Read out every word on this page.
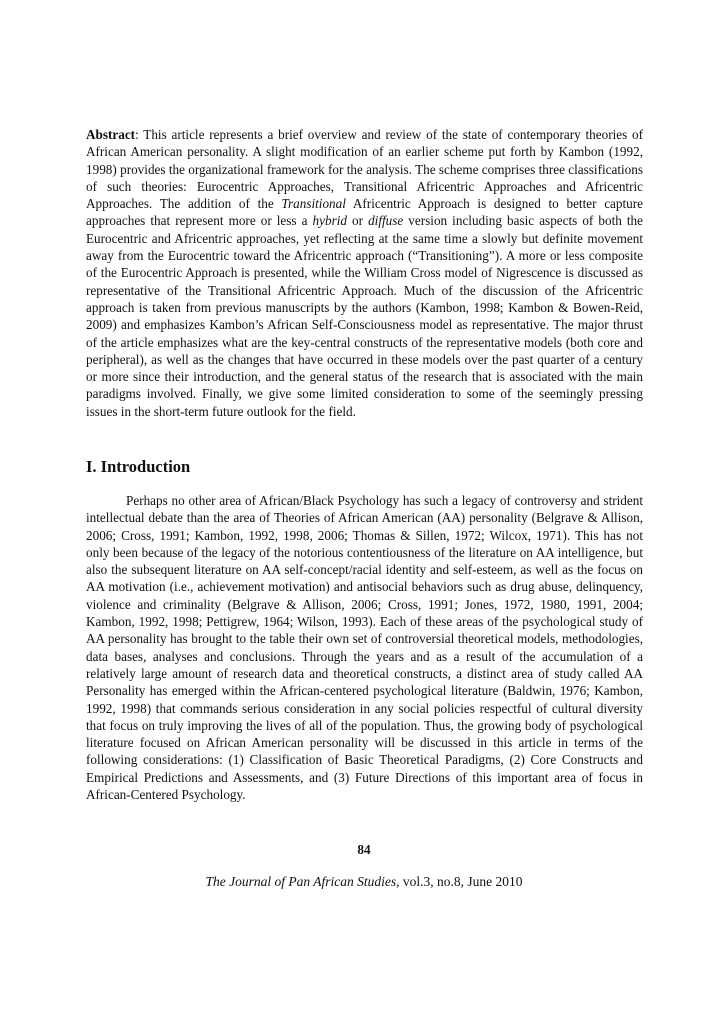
Abstract: This article represents a brief overview and review of the state of contemporary theories of African American personality. A slight modification of an earlier scheme put forth by Kambon (1992, 1998) provides the organizational framework for the analysis. The scheme comprises three classifications of such theories: Eurocentric Approaches, Transitional Africentric Approaches and Africentric Approaches. The addition of the Transitional Africentric Approach is designed to better capture approaches that represent more or less a hybrid or diffuse version including basic aspects of both the Eurocentric and Africentric approaches, yet reflecting at the same time a slowly but definite movement away from the Eurocentric toward the Africentric approach (“Transitioning”). A more or less composite of the Eurocentric Approach is presented, while the William Cross model of Nigrescence is discussed as representative of the Transitional Africentric Approach. Much of the discussion of the Africentric approach is taken from previous manuscripts by the authors (Kambon, 1998; Kambon & Bowen-Reid, 2009) and emphasizes Kambon’s African Self-Consciousness model as representative. The major thrust of the article emphasizes what are the key-central constructs of the representative models (both core and peripheral), as well as the changes that have occurred in these models over the past quarter of a century or more since their introduction, and the general status of the research that is associated with the main paradigms involved. Finally, we give some limited consideration to some of the seemingly pressing issues in the short-term future outlook for the field.

I. Introduction

Perhaps no other area of African/Black Psychology has such a legacy of controversy and strident intellectual debate than the area of Theories of African American (AA) personality (Belgrave & Allison, 2006; Cross, 1991; Kambon, 1992, 1998, 2006; Thomas & Sillen, 1972; Wilcox, 1971). This has not only been because of the legacy of the notorious contentiousness of the literature on AA intelligence, but also the subsequent literature on AA self-concept/racial identity and self-esteem, as well as the focus on AA motivation (i.e., achievement motivation) and antisocial behaviors such as drug abuse, delinquency, violence and criminality (Belgrave & Allison, 2006; Cross, 1991; Jones, 1972, 1980, 1991, 2004; Kambon, 1992, 1998; Pettigrew, 1964; Wilson, 1993). Each of these areas of the psychological study of AA personality has brought to the table their own set of controversial theoretical models, methodologies, data bases, analyses and conclusions. Through the years and as a result of the accumulation of a relatively large amount of research data and theoretical constructs, a distinct area of study called AA Personality has emerged within the African-centered psychological literature (Baldwin, 1976; Kambon, 1992, 1998) that commands serious consideration in any social policies respectful of cultural diversity that focus on truly improving the lives of all of the population. Thus, the growing body of psychological literature focused on African American personality will be discussed in this article in terms of the following considerations: (1) Classification of Basic Theoretical Paradigms, (2) Core Constructs and Empirical Predictions and Assessments, and (3) Future Directions of this important area of focus in African-Centered Psychology.

84
The Journal of Pan African Studies, vol.3, no.8, June 2010
